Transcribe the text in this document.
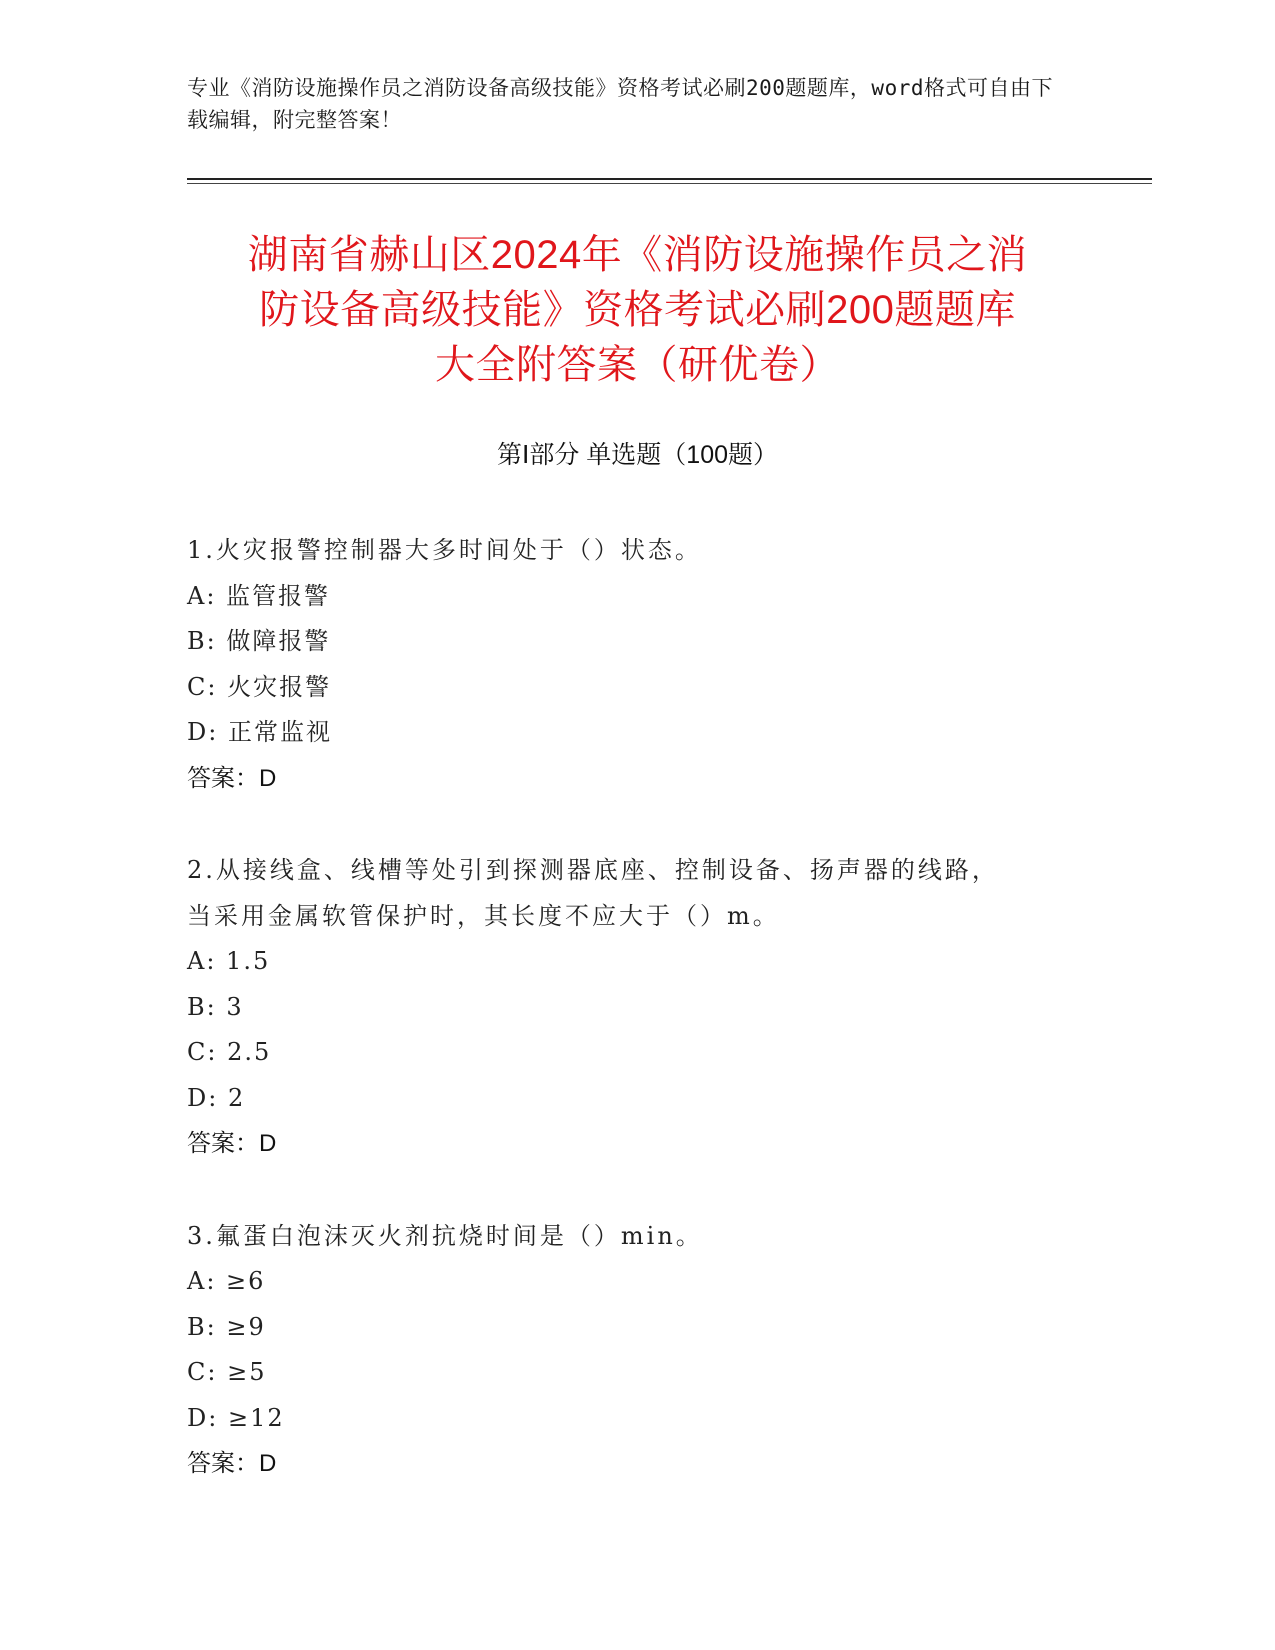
专业《消防设施操作员之消防设备高级技能》资格考试必刷200题题库，word格式可自由下载编辑，附完整答案！
湖南省赫山区2024年《消防设施操作员之消
防设备高级技能》资格考试必刷200题题库
大全附答案（研优卷）
第Ⅰ部分 单选题（100题）
1.火灾报警控制器大多时间处于（）状态。
A: 监管报警
B: 做障报警
C: 火灾报警
D: 正常监视
答案：D
2.从接线盒、线槽等处引到探测器底座、控制设备、扬声器的线路，
当采用金属软管保护时，其长度不应大于（）m。
A: 1.5
B: 3
C: 2.5
D: 2
答案：D
3.氟蛋白泡沫灭火剂抗烧时间是（）min。
A: ≥6
B: ≥9
C: ≥5
D: ≥12
答案：D
